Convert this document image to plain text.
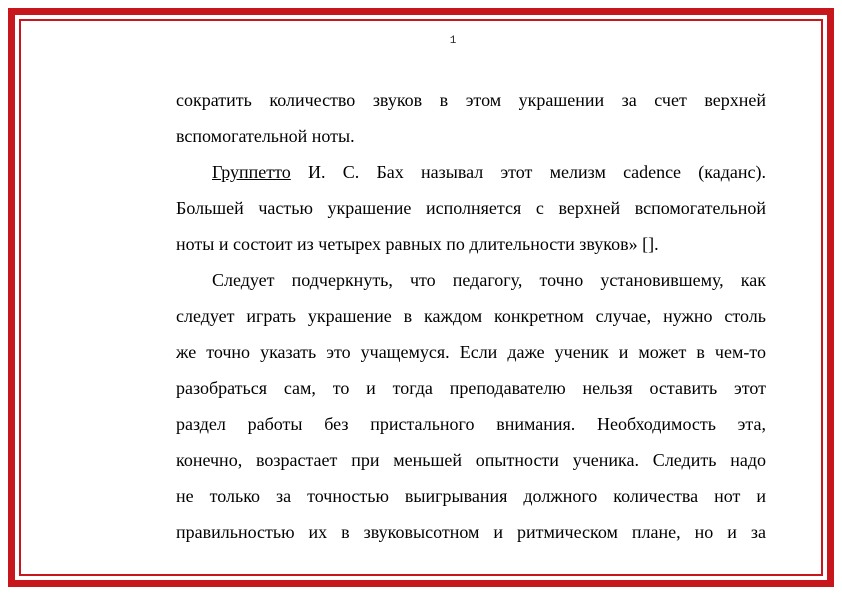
1
сократить количество звуков в этом украшении за счет верхней
вспомогательной ноты.
Группетто И. С. Бах называл этот мелизм cadence (каданс).
Большей частью украшение исполняется с верхней вспомогательной
ноты и состоит из четырех равных по длительности звуков» [].
Следует подчеркнуть, что педагогу, точно установившему, как
следует играть украшение в каждом конкретном случае, нужно столь
же точно указать это учащемуся. Если даже ученик и может в чем-то
разобраться сам, то и тогда преподавателю нельзя оставить этот
раздел работы без пристального внимания. Необходимость эта,
конечно, возрастает при меньшей опытности ученика. Следить надо
не только за точностью выигрывания должного количества нот и
правильностью их в звуковысотном и ритмическом плане, но и за
